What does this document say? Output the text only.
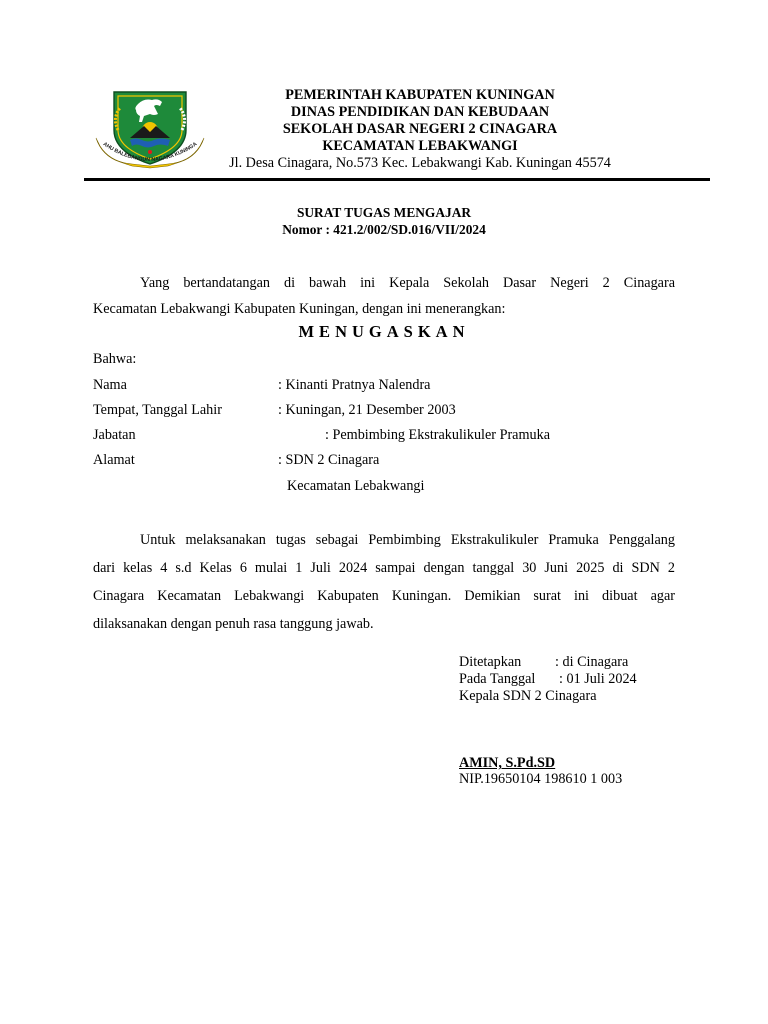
AHU BALEBANGUN NAGARA KUNINGA
PEMERINTAH KABUPATEN KUNINGAN
DINAS PENDIDIKAN DAN KEBUDAAN
SEKOLAH DASAR NEGERI 2 CINAGARA
KECAMATAN LEBAKWANGI
Jl. Desa Cinagara, No.573 Kec. Lebakwangi Kab. Kuningan 45574
SURAT TUGAS MENGAJAR
Nomor : 421.2/002/SD.016/VII/2024
Yang bertandatangan di bawah ini Kepala Sekolah Dasar Negeri 2 Cinagara
Kecamatan Lebakwangi Kabupaten Kuningan, dengan ini menerangkan:
MENUGASKAN
Bahwa:
Nama	: Kinanti Pratnya Nalendra
Tempat, Tanggal Lahir	: Kuningan, 21 Desember 2003
Jabatan	: Pembimbing Ekstrakulikuler Pramuka
Alamat	: SDN 2 Cinagara
Kecamatan Lebakwangi
Untuk melaksanakan tugas sebagai Pembimbing Ekstrakulikuler Pramuka Penggalang
dari kelas 4 s.d Kelas 6 mulai 1 Juli 2024 sampai dengan tanggal 30 Juni 2025 di SDN 2
Cinagara Kecamatan Lebakwangi Kabupaten Kuningan. Demikian surat ini dibuat agar
dilaksanakan dengan penuh rasa tanggung jawab.
Ditetapkan : di Cinagara
Pada Tanggal : 01 Juli 2024
Kepala SDN 2 Cinagara
AMIN, S.Pd.SD
NIP.19650104 198610 1 003
